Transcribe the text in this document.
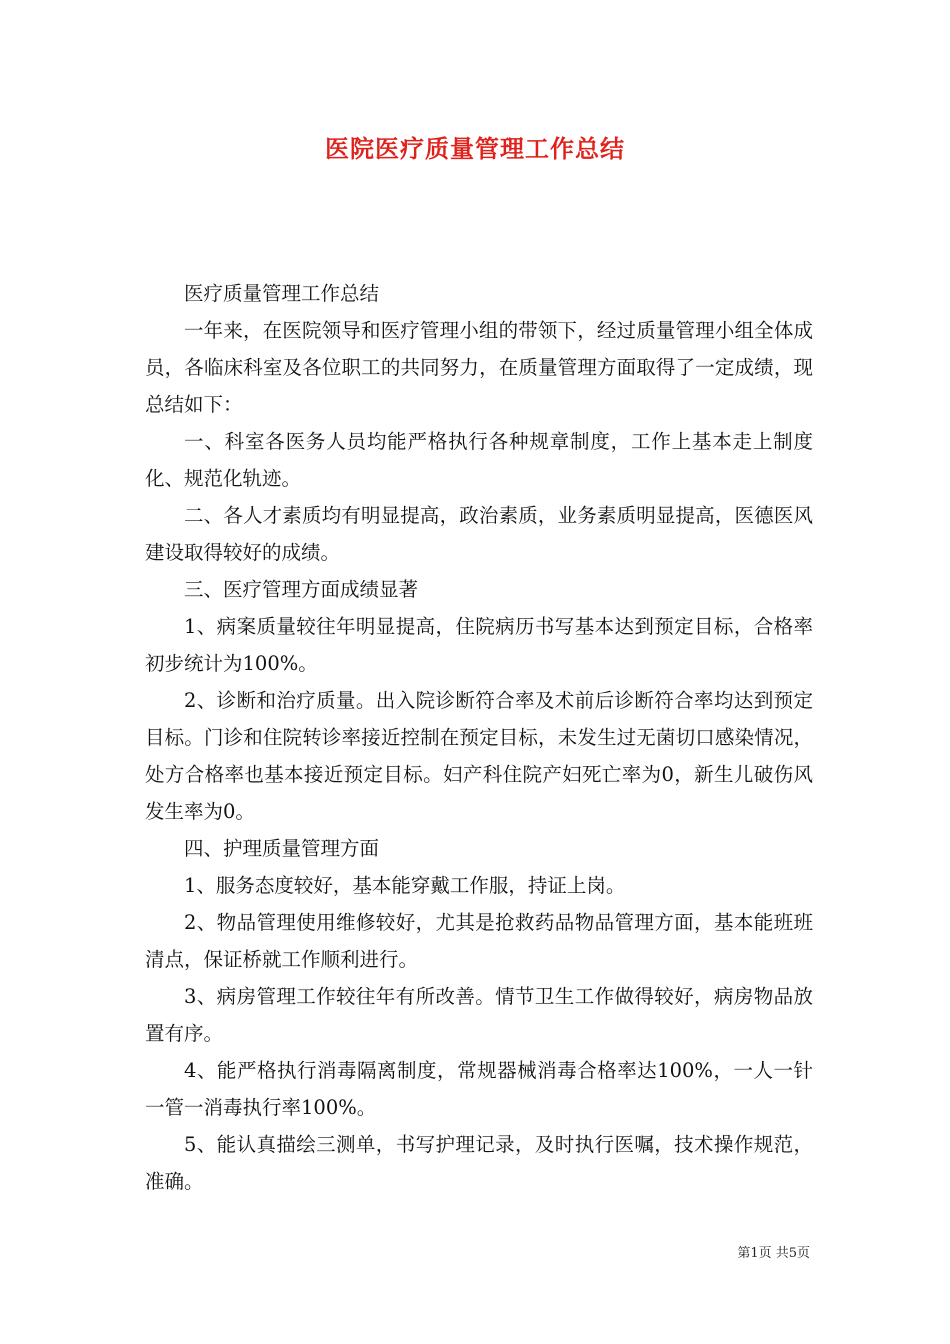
医院医疗质量管理工作总结

医疗质量管理工作总结

一年来，在医院领导和医疗管理小组的带领下，经过质量管理小组全体成员，各临床科室及各位职工的共同努力，在质量管理方面取得了一定成绩，现总结如下：

一、科室各医务人员均能严格执行各种规章制度，工作上基本走上制度化、规范化轨迹。

二、各人才素质均有明显提高，政治素质，业务素质明显提高，医德医风建设取得较好的成绩。

三、医疗管理方面成绩显著

1、病案质量较往年明显提高，住院病历书写基本达到预定目标，合格率初步统计为100%。

2、诊断和治疗质量。出入院诊断符合率及术前后诊断符合率均达到预定目标。门诊和住院转诊率接近控制在预定目标，未发生过无菌切口感染情况，处方合格率也基本接近预定目标。妇产科住院产妇死亡率为0，新生儿破伤风发生率为0。

四、护理质量管理方面

1、服务态度较好，基本能穿戴工作服，持证上岗。

2、物品管理使用维修较好，尤其是抢救药品物品管理方面，基本能班班清点，保证桥就工作顺利进行。

3、病房管理工作较往年有所改善。情节卫生工作做得较好，病房物品放置有序。

4、能严格执行消毒隔离制度，常规器械消毒合格率达100%，一人一针一管一消毒执行率100%。

5、能认真描绘三测单，书写护理记录，及时执行医嘱，技术操作规范，准确。

第1页 共5页
